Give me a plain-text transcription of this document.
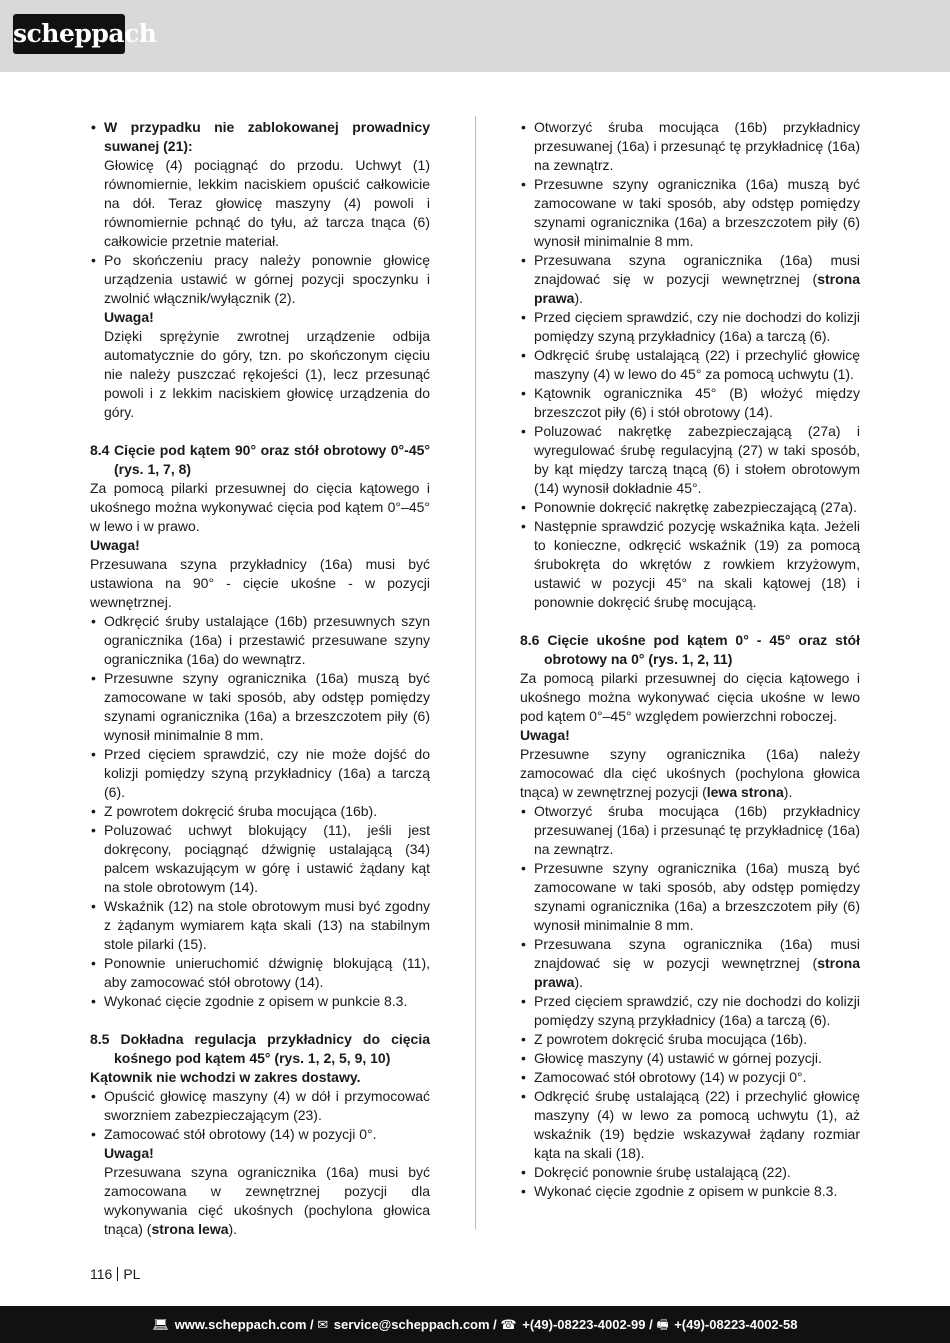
scheppach

• W przypadku nie zablokowanej prowadnicy suwanej (21):

Głowicę (4) pociągnąć do przodu. Uchwyt (1) równomiernie, lekkim naciskiem opuścić całkowicie na dół. Teraz głowicę maszyny (4) powoli i równomiernie pchnąć do tyłu, aż tarcza tnąca (6) całkowicie przetnie materiał.

• Po skończeniu pracy należy ponownie głowicę urządzenia ustawić w górnej pozycji spoczynku i zwolnić włącznik/wyłącznik (2).

Uwaga!

Dzięki sprężynie zwrotnej urządzenie odbija automatycznie do góry, tzn. po skończonym cięciu nie należy puszczać rękojeści (1), lecz przesunąć powoli i z lekkim naciskiem głowicę urządzenia do góry.

8.4 Cięcie pod kątem 90° oraz stół obrotowy 0°-45° (rys. 1, 7, 8)

Za pomocą pilarki przesuwnej do cięcia kątowego i ukośnego można wykonywać cięcia pod kątem 0°–45° w lewo i w prawo.

Uwaga!

Przesuwana szyna przykładnicy (16a) musi być ustawiona na 90° - cięcie ukośne - w pozycji wewnętrznej.

• Odkręcić śruby ustalające (16b) przesuwnych szyn ogranicznika (16a) i przestawić przesuwane szyny ogranicznika (16a) do wewnątrz.

• Przesuwne szyny ogranicznika (16a) muszą być zamocowane w taki sposób, aby odstęp pomiędzy szynami ogranicznika (16a) a brzeszczotem piły (6) wynosił minimalnie 8 mm.

• Przed cięciem sprawdzić, czy nie może dojść do kolizji pomiędzy szyną przykładnicy (16a) a tarczą (6).

• Z powrotem dokręcić śruba mocująca (16b).

• Poluzować uchwyt blokujący (11), jeśli jest dokręcony, pociągnąć dźwignię ustalającą (34) palcem wskazującym w górę i ustawić żądany kąt na stole obrotowym (14).

• Wskaźnik (12) na stole obrotowym musi być zgodny z żądanym wymiarem kąta skali (13) na stabilnym stole pilarki (15).

• Ponownie unieruchomić dźwignię blokującą (11), aby zamocować stół obrotowy (14).

• Wykonać cięcie zgodnie z opisem w punkcie 8.3.

8.5 Dokładna regulacja przykładnicy do cięcia kośnego pod kątem 45° (rys. 1, 2, 5, 9, 10)

Kątownik nie wchodzi w zakres dostawy.

• Opuścić głowicę maszyny (4) w dół i przymocować sworzniem zabezpieczającym (23).

• Zamocować stół obrotowy (14) w pozycji 0°.

Uwaga!

Przesuwana szyna ogranicznika (16a) musi być zamocowana w zewnętrznej pozycji dla wykonywania cięć ukośnych (pochylona głowica tnąca) (strona lewa).

• Otworzyć śruba mocująca (16b) przykładnicy przesuwanej (16a) i przesunąć tę przykładnicę (16a) na zewnątrz.

• Przesuwne szyny ogranicznika (16a) muszą być zamocowane w taki sposób, aby odstęp pomiędzy szynami ogranicznika (16a) a brzeszczotem piły (6) wynosił minimalnie 8 mm.

• Przesuwana szyna ogranicznika (16a) musi znajdować się w pozycji wewnętrznej (strona prawa).

• Przed cięciem sprawdzić, czy nie dochodzi do kolizji pomiędzy szyną przykładnicy (16a) a tarczą (6).

• Odkręcić śrubę ustalającą (22) i przechylić głowicę maszyny (4) w lewo do 45° za pomocą uchwytu (1).

• Kątownik ogranicznika 45° (B) włożyć między brzeszczot piły (6) i stół obrotowy (14).

• Poluzować nakrętkę zabezpieczającą (27a) i wyregulować śrubę regulacyjną (27) w taki sposób, by kąt między tarczą tnącą (6) i stołem obrotowym (14) wynosił dokładnie 45°.

• Ponownie dokręcić nakrętkę zabezpieczającą (27a).

• Następnie sprawdzić pozycję wskaźnika kąta. Jeżeli to konieczne, odkręcić wskaźnik (19) za pomocą śrubokręta do wkrętów z rowkiem krzyżowym, ustawić w pozycji 45° na skali kątowej (18) i ponownie dokręcić śrubę mocującą.

8.6 Cięcie ukośne pod kątem 0° - 45° oraz stół obrotowy na 0° (rys. 1, 2, 11)

Za pomocą pilarki przesuwnej do cięcia kątowego i ukośnego można wykonywać cięcia ukośne w lewo pod kątem 0°–45° względem powierzchni roboczej.

Uwaga!

Przesuwne szyny ogranicznika (16a) należy zamocować dla cięć ukośnych (pochylona głowica tnąca) w zewnętrznej pozycji (lewa strona).

• Otworzyć śruba mocująca (16b) przykładnicy przesuwanej (16a) i przesunąć tę przykładnicę (16a) na zewnątrz.

• Przesuwne szyny ogranicznika (16a) muszą być zamocowane w taki sposób, aby odstęp pomiędzy szynami ogranicznika (16a) a brzeszczotem piły (6) wynosił minimalnie 8 mm.

• Przesuwana szyna ogranicznika (16a) musi znajdować się w pozycji wewnętrznej (strona prawa).

• Przed cięciem sprawdzić, czy nie dochodzi do kolizji pomiędzy szyną przykładnicy (16a) a tarczą (6).

• Z powrotem dokręcić śruba mocująca (16b).

• Głowicę maszyny (4) ustawić w górnej pozycji.

• Zamocować stół obrotowy (14) w pozycji 0°.

• Odkręcić śrubę ustalającą (22) i przechylić głowicę maszyny (4) w lewo za pomocą uchwytu (1), aż wskaźnik (19) będzie wskazywał żądany rozmiar kąta na skali (18).

• Dokręcić ponownie śrubę ustalającą (22).

• Wykonać cięcie zgodnie z opisem w punkcie 8.3.

116 PL
💻︎ www.scheppach.com / ✉︎ service@scheppach.com / ☎︎ +(49)-08223-4002-99 / 🖷︎ +(49)-08223-4002-58
